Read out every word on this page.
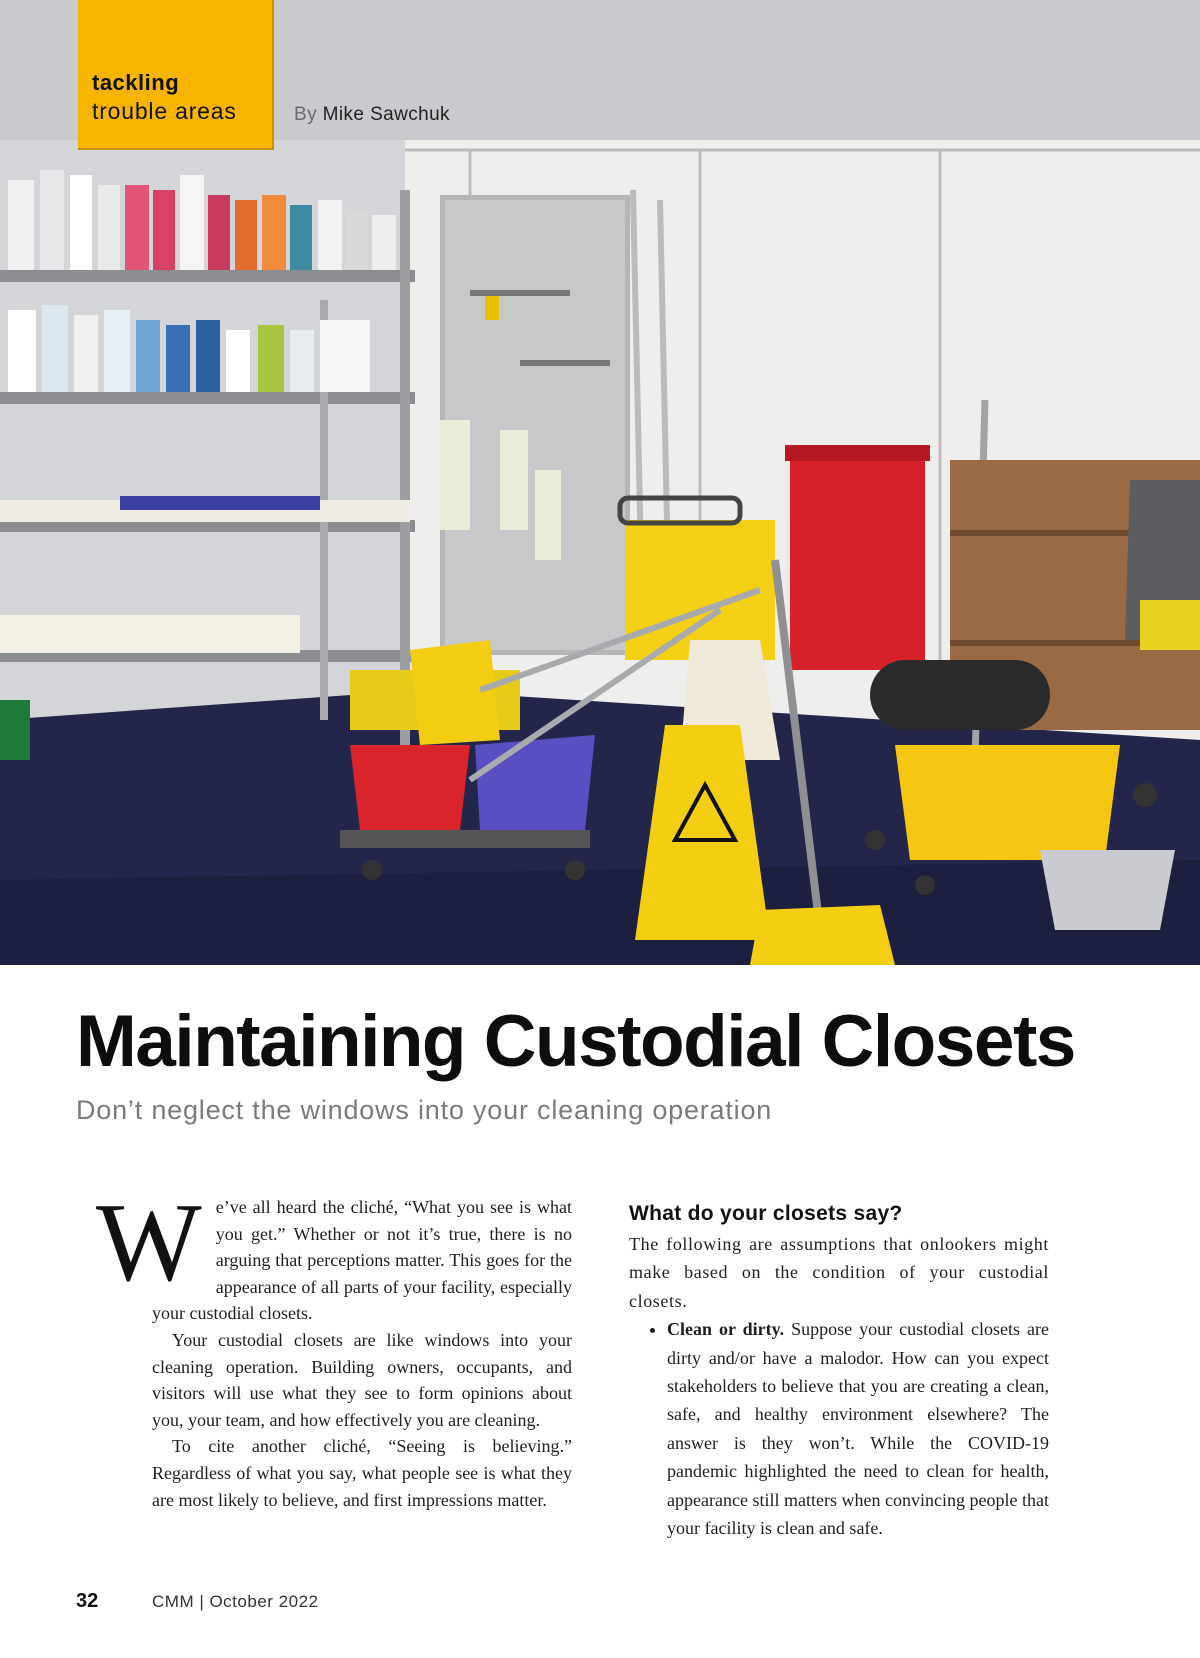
tackling
trouble areas	By Mike Sawchuk
Maintaining Custodial Closets
Don’t neglect the windows into your cleaning operation

We’ve all heard the cliché, “What you see is what you get.” Whether or not it’s true, there is no arguing that perceptions matter. This goes for the appearance of all parts of your facility, especially your custodial closets.

Your custodial closets are like windows into your cleaning operation. Building owners, occupants, and visitors will use what they see to form opinions about you, your team, and how effectively you are cleaning.

To cite another cliché, “Seeing is believing.” Regardless of what you say, what people see is what they are most likely to believe, and first impressions matter.

What do your closets say?

The following are assumptions that onlookers might make based on the condition of your custodial closets.

• Clean or dirty. Suppose your custodial closets are dirty and/or have a malodor. How can you expect stakeholders to believe that you are creating a clean, safe, and healthy environment elsewhere? The answer is they won’t. While the COVID-19 pandemic highlighted the need to clean for health, appearance still matters when convincing people that your facility is clean and safe.
32	CMM | October 2022
